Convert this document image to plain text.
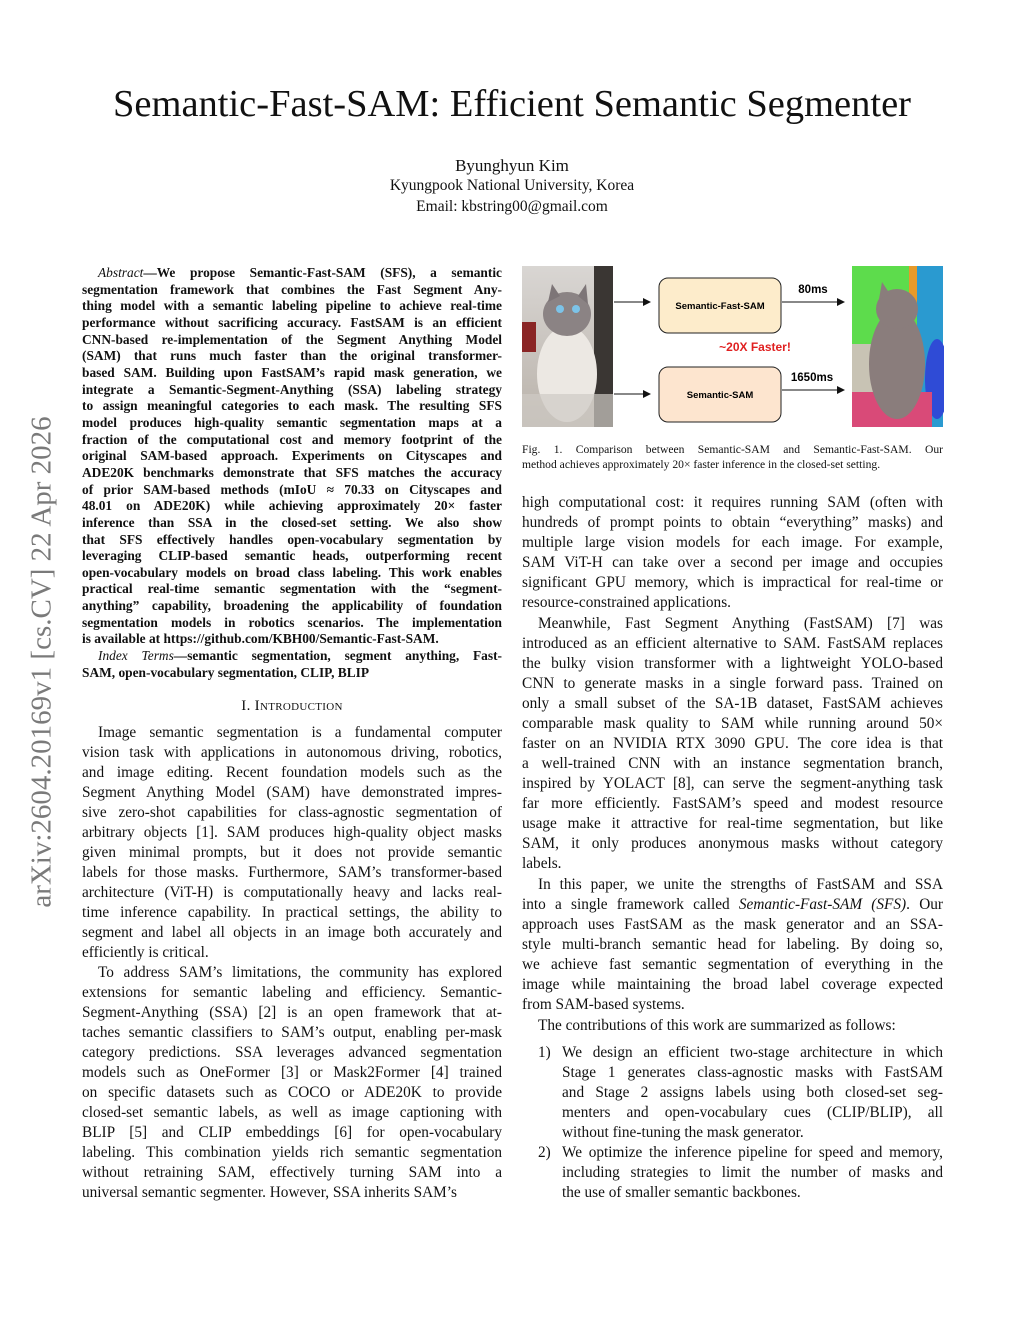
Semantic-Fast-SAM: Efficient Semantic Segmenter
Byunghyun Kim
Kyungpook National University, Korea
Email: kbstring00@gmail.com
arXiv:2604.20169v1 [cs.CV] 22 Apr 2026
Abstract—We propose Semantic-Fast-SAM (SFS), a semantic
segmentation framework that combines the Fast Segment Any-
thing model with a semantic labeling pipeline to achieve real-time
performance without sacrificing accuracy. FastSAM is an efficient
CNN-based re-implementation of the Segment Anything Model
(SAM) that runs much faster than the original transformer-
based SAM. Building upon FastSAM’s rapid mask generation, we
integrate a Semantic-Segment-Anything (SSA) labeling strategy
to assign meaningful categories to each mask. The resulting SFS
model produces high-quality semantic segmentation maps at a
fraction of the computational cost and memory footprint of the
original SAM-based approach. Experiments on Cityscapes and
ADE20K benchmarks demonstrate that SFS matches the accuracy
of prior SAM-based methods (mIoU ≈ 70.33 on Cityscapes and
48.01 on ADE20K) while achieving approximately 20× faster
inference than SSA in the closed-set setting. We also show
that SFS effectively handles open-vocabulary segmentation by
leveraging CLIP-based semantic heads, outperforming recent
open-vocabulary models on broad class labeling. This work enables
practical real-time semantic segmentation with the “segment-
anything” capability, broadening the applicability of foundation
segmentation models in robotics scenarios. The implementation
is available at https://github.com/KBH00/Semantic-Fast-SAM.
Index Terms—semantic segmentation, segment anything, Fast-
SAM, open-vocabulary segmentation, CLIP, BLIP
I. Introduction
Image semantic segmentation is a fundamental computer
vision task with applications in autonomous driving, robotics,
and image editing. Recent foundation models such as the
Segment Anything Model (SAM) have demonstrated impres-
sive zero-shot capabilities for class-agnostic segmentation of
arbitrary objects [1]. SAM produces high-quality object masks
given minimal prompts, but it does not provide semantic
labels for those masks. Furthermore, SAM’s transformer-based
architecture (ViT-H) is computationally heavy and lacks real-
time inference capability. In practical settings, the ability to
segment and label all objects in an image both accurately and
efficiently is critical.
To address SAM’s limitations, the community has explored
extensions for semantic labeling and efficiency. Semantic-
Segment-Anything (SSA) [2] is an open framework that at-
taches semantic classifiers to SAM’s output, enabling per-mask
category predictions. SSA leverages advanced segmentation
models such as OneFormer [3] or Mask2Former [4] trained
on specific datasets such as COCO or ADE20K to provide
closed-set semantic labels, as well as image captioning with
BLIP [5] and CLIP embeddings [6] for open-vocabulary
labeling. This combination yields rich semantic segmentation
without retraining SAM, effectively turning SAM into a
universal semantic segmenter. However, SSA inherits SAM’s
Semantic-Fast-SAM
Semantic-SAM
80ms
1650ms
~20X Faster!
Fig. 1. Comparison between Semantic-SAM and Semantic-Fast-SAM. Our
method achieves approximately 20× faster inference in the closed-set setting.
high computational cost: it requires running SAM (often with
hundreds of prompt points to obtain “everything” masks) and
multiple large vision models for each image. For example,
SAM ViT-H can take over a second per image and occupies
significant GPU memory, which is impractical for real-time or
resource-constrained applications.
Meanwhile, Fast Segment Anything (FastSAM) [7] was
introduced as an efficient alternative to SAM. FastSAM replaces
the bulky vision transformer with a lightweight YOLO-based
CNN to generate masks in a single forward pass. Trained on
only a small subset of the SA-1B dataset, FastSAM achieves
comparable mask quality to SAM while running around 50×
faster on an NVIDIA RTX 3090 GPU. The core idea is that
a well-trained CNN with an instance segmentation branch,
inspired by YOLACT [8], can serve the segment-anything task
far more efficiently. FastSAM’s speed and modest resource
usage make it attractive for real-time segmentation, but like
SAM, it only produces anonymous masks without category
labels.
In this paper, we unite the strengths of FastSAM and SSA
into a single framework called Semantic-Fast-SAM (SFS). Our
approach uses FastSAM as the mask generator and an SSA-
style multi-branch semantic head for labeling. By doing so,
we achieve fast semantic segmentation of everything in the
image while maintaining the broad label coverage expected
from SAM-based systems.
The contributions of this work are summarized as follows:
1) We design an efficient two-stage architecture in which
Stage 1 generates class-agnostic masks with FastSAM
and Stage 2 assigns labels using both closed-set seg-
menters and open-vocabulary cues (CLIP/BLIP), all
without fine-tuning the mask generator.
2) We optimize the inference pipeline for speed and memory,
including strategies to limit the number of masks and
the use of smaller semantic backbones.
